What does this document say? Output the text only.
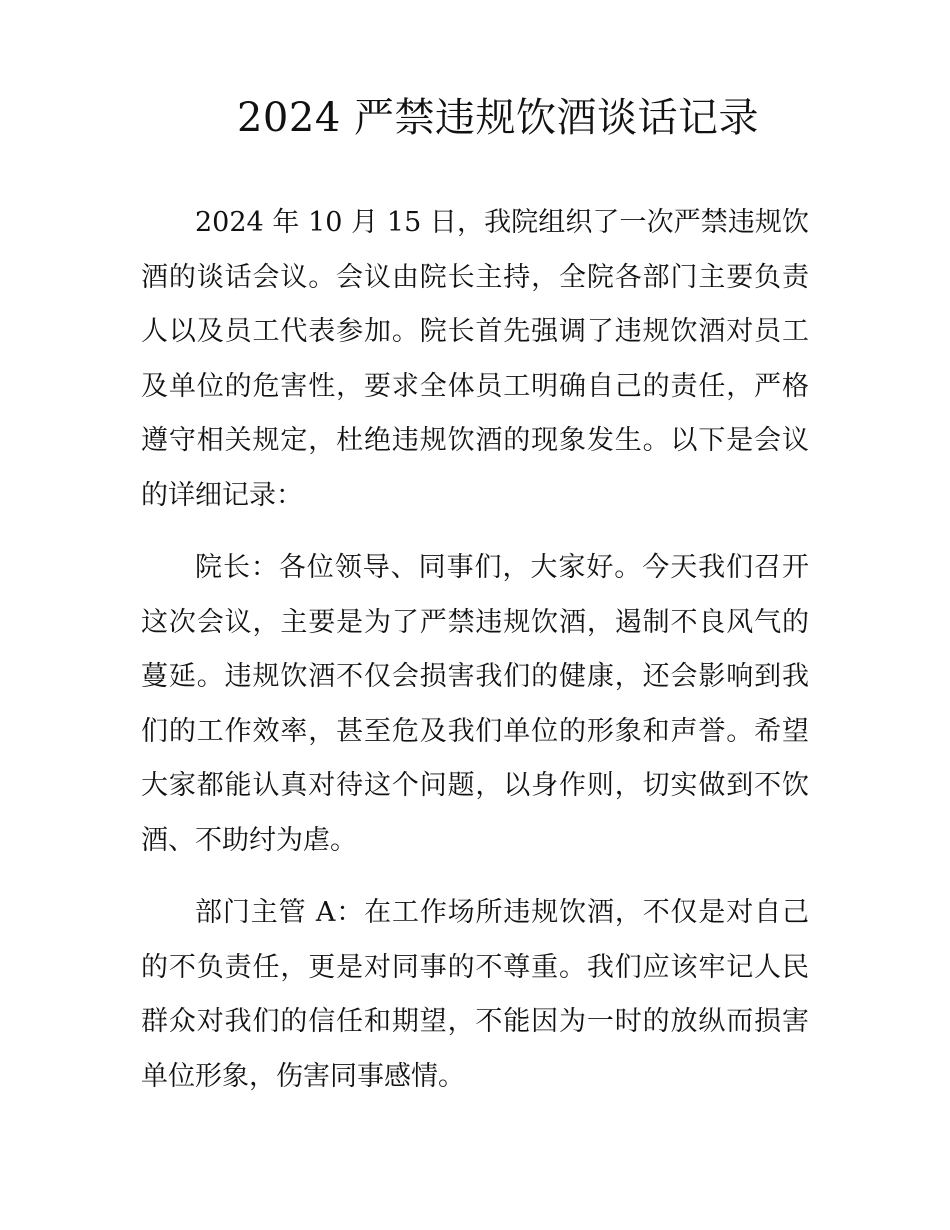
2024 严禁违规饮酒谈话记录

2024 年 10 月 15 日，我院组织了一次严禁违规饮酒的谈话会议。会议由院长主持，全院各部门主要负责人以及员工代表参加。院长首先强调了违规饮酒对员工及单位的危害性，要求全体员工明确自己的责任，严格遵守相关规定，杜绝违规饮酒的现象发生。以下是会议的详细记录：

院长：各位领导、同事们，大家好。今天我们召开这次会议，主要是为了严禁违规饮酒，遏制不良风气的蔓延。违规饮酒不仅会损害我们的健康，还会影响到我们的工作效率，甚至危及我们单位的形象和声誉。希望大家都能认真对待这个问题，以身作则，切实做到不饮酒、不助纣为虐。

部门主管 A：在工作场所违规饮酒，不仅是对自己的不负责任，更是对同事的不尊重。我们应该牢记人民群众对我们的信任和期望，不能因为一时的放纵而损害单位形象，伤害同事感情。
